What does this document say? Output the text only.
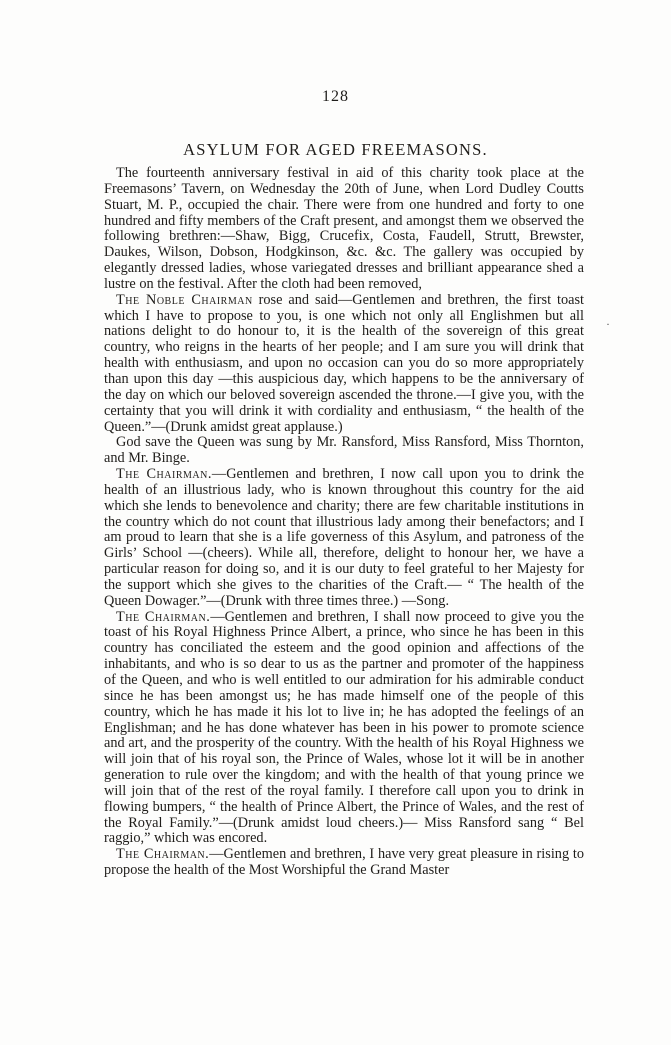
128
ASYLUM FOR AGED FREEMASONS.
·

The fourteenth anniversary festival in aid of this charity took place at the Freemasons’ Tavern, on Wednesday the 20th of June, when Lord Dudley Coutts Stuart, M. P., occupied the chair. There were from one hundred and forty to one hundred and fifty members of the Craft present, and amongst them we observed the following brethren:—Shaw, Bigg, Crucefix, Costa, Faudell, Strutt, Brewster, Daukes, Wilson, Dobson, Hodgkinson, &c. &c. The gallery was occupied by elegantly dressed ladies, whose variegated dresses and brilliant appearance shed a lustre on the festival. After the cloth had been removed,

The Noble Chairman rose and said—Gentlemen and brethren, the first toast which I have to propose to you, is one which not only all Englishmen but all nations delight to do honour to, it is the health of the sovereign of this great country, who reigns in the hearts of her people; and I am sure you will drink that health with enthusiasm, and upon no occasion can you do so more appropriately than upon this day —this auspicious day, which happens to be the anniversary of the day on which our beloved sovereign ascended the throne.—I give you, with the certainty that you will drink it with cordiality and enthusiasm, “ the health of the Queen.”—(Drunk amidst great applause.)

God save the Queen was sung by Mr. Ransford, Miss Ransford, Miss Thornton, and Mr. Binge.

The Chairman.—Gentlemen and brethren, I now call upon you to drink the health of an illustrious lady, who is known throughout this country for the aid which she lends to benevolence and charity; there are few charitable institutions in the country which do not count that illustrious lady among their benefactors; and I am proud to learn that she is a life governess of this Asylum, and patroness of the Girls’ School —(cheers). While all, therefore, delight to honour her, we have a particular reason for doing so, and it is our duty to feel grateful to her Majesty for the support which she gives to the charities of the Craft.— “ The health of the Queen Dowager.”—(Drunk with three times three.) —Song.

The Chairman.—Gentlemen and brethren, I shall now proceed to give you the toast of his Royal Highness Prince Albert, a prince, who since he has been in this country has conciliated the esteem and the good opinion and affections of the inhabitants, and who is so dear to us as the partner and promoter of the happiness of the Queen, and who is well entitled to our admiration for his admirable conduct since he has been amongst us; he has made himself one of the people of this country, which he has made it his lot to live in; he has adopted the feelings of an Englishman; and he has done whatever has been in his power to promote science and art, and the prosperity of the country. With the health of his Royal Highness we will join that of his royal son, the Prince of Wales, whose lot it will be in another generation to rule over the kingdom; and with the health of that young prince we will join that of the rest of the royal family. I therefore call upon you to drink in flowing bumpers, “ the health of Prince Albert, the Prince of Wales, and the rest of the Royal Family.”—(Drunk amidst loud cheers.)— Miss Ransford sang “ Bel raggio,” which was encored.

The Chairman.—Gentlemen and brethren, I have very great pleasure in rising to propose the health of the Most Worshipful the Grand Master
